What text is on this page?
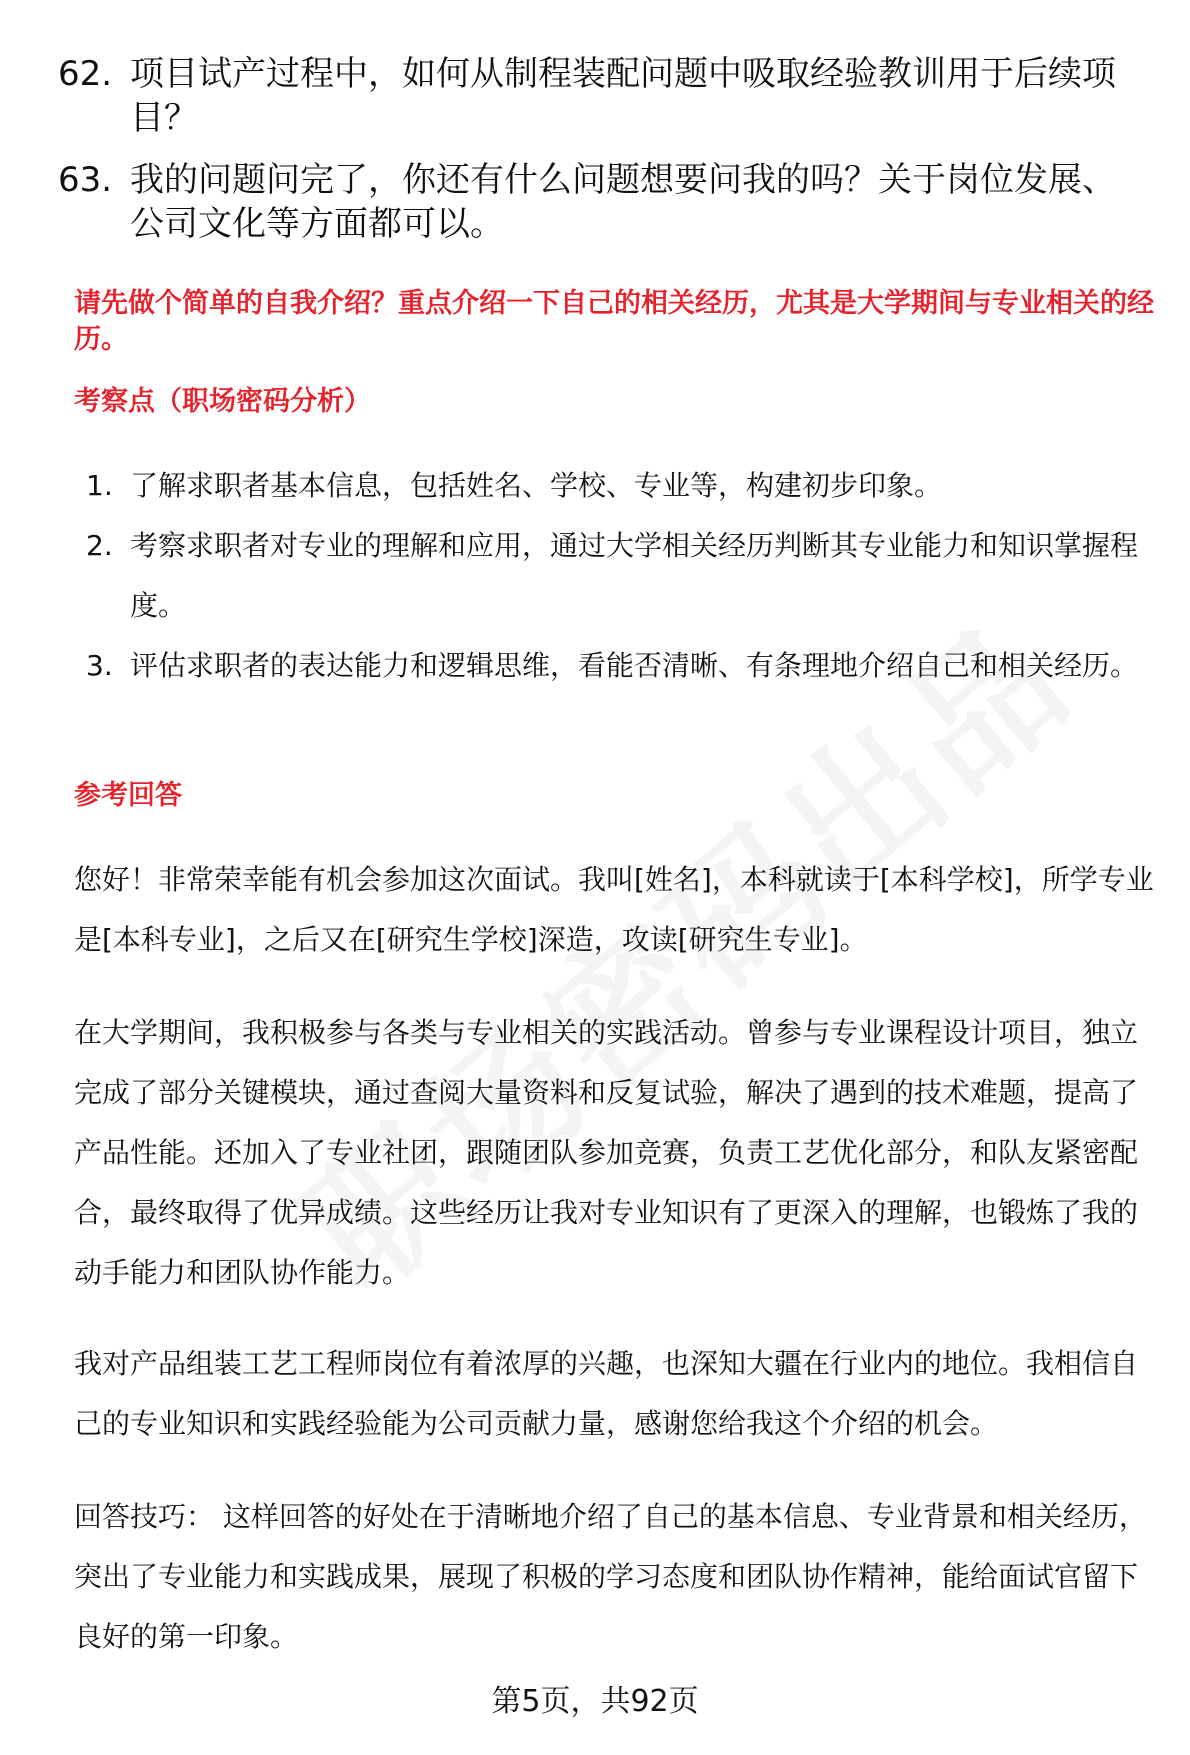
62. 项目试产过程中，如何从制程装配问题中吸取经验教训用于后续项目？
63. 我的问题问完了，你还有什么问题想要问我的吗？关于岗位发展、公司文化等方面都可以。
请先做个简单的自我介绍？重点介绍一下自己的相关经历，尤其是大学期间与专业相关的经历。
考察点（职场密码分析）
1. 了解求职者基本信息，包括姓名、学校、专业等，构建初步印象。
2. 考察求职者对专业的理解和应用，通过大学相关经历判断其专业能力和知识掌握程度。
3. 评估求职者的表达能力和逻辑思维，看能否清晰、有条理地介绍自己和相关经历。
参考回答
您好！非常荣幸能有机会参加这次面试。我叫[姓名]，本科就读于[本科学校]，所学专业是[本科专业]，之后又在[研究生学校]深造，攻读[研究生专业]。
在大学期间，我积极参与各类与专业相关的实践活动。曾参与专业课程设计项目，独立完成了部分关键模块，通过查阅大量资料和反复试验，解决了遇到的技术难题，提高了产品性能。还加入了专业社团，跟随团队参加竞赛，负责工艺优化部分，和队友紧密配合，最终取得了优异成绩。这些经历让我对专业知识有了更深入的理解，也锻炼了我的动手能力和团队协作能力。
我对产品组装工艺工程师岗位有着浓厚的兴趣，也深知大疆在行业内的地位。我相信自己的专业知识和实践经验能为公司贡献力量，感谢您给我这个介绍的机会。
回答技巧： 这样回答的好处在于清晰地介绍了自己的基本信息、专业背景和相关经历，突出了专业能力和实践成果，展现了积极的学习态度和团队协作精神，能给面试官留下良好的第一印象。
第5页，共92页
